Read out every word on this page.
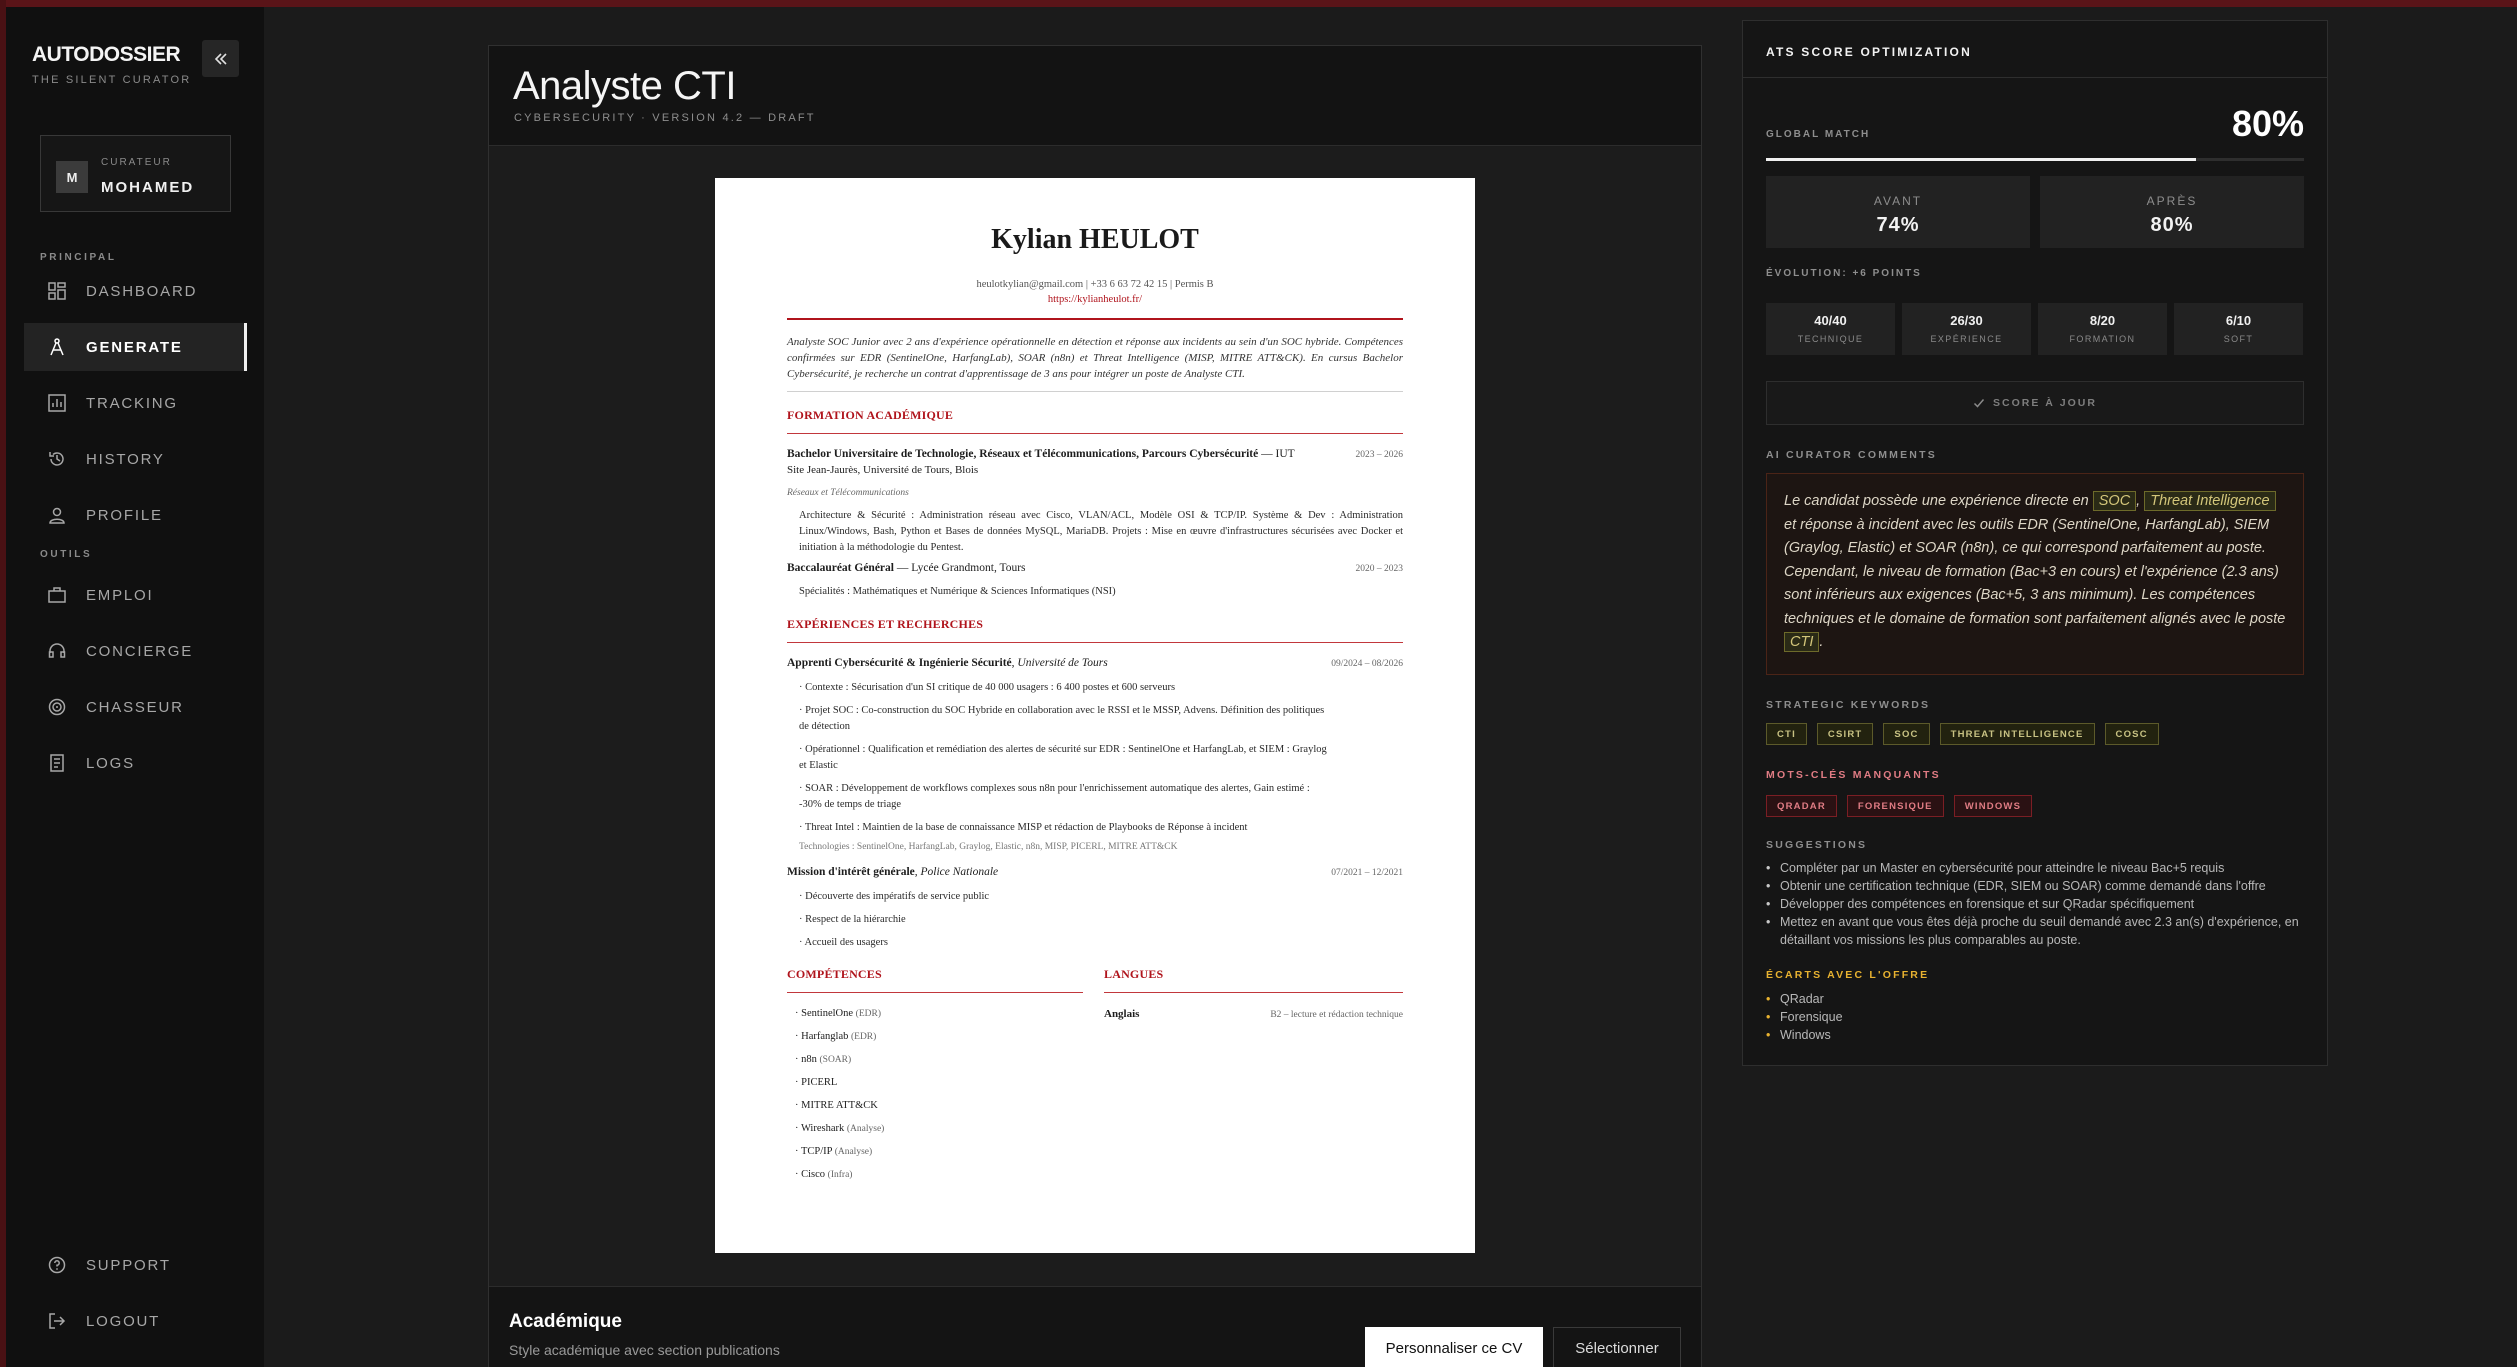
AUTODOSSIER
THE SILENT CURATOR
M
CURATEUR
MOHAMED
PRINCIPAL
DASHBOARD
GENERATE
TRACKING
HISTORY
PROFILE
OUTILS
EMPLOI
CONCIERGE
CHASSEUR
LOGS
SUPPORT
LOGOUT
Analyste CTI
CYBERSECURITY · VERSION 4.2 — DRAFT
Académique
Style académique avec section publications	Personnaliser ce CV	Sélectionner
Kylian HEULOT
heulotkylian@gmail.com | +33 6 63 72 42 15 | Permis B
https://kylianheulot.fr/
Analyste SOC Junior avec 2 ans d'expérience opérationnelle en détection et réponse aux incidents au sein d'un SOC hybride. Compétences confirmées sur EDR (SentinelOne, HarfangLab), SOAR (n8n) et Threat Intelligence (MISP, MITRE ATT&CK). En cursus Bachelor Cybersécurité, je recherche un contrat d'apprentissage de 3 ans pour intégrer un poste de Analyste CTI.
FORMATION ACADÉMIQUE
Bachelor Universitaire de Technologie, Réseaux et Télécommunications, Parcours Cybersécurité — IUT	2023 – 2026
Site Jean-Jaurès, Université de Tours, Blois
Réseaux et Télécommunications
Architecture & Sécurité : Administration réseau avec Cisco, VLAN/ACL, Modèle OSI & TCP/IP. Système & Dev : Administration Linux/Windows, Bash, Python et Bases de données MySQL, MariaDB. Projets : Mise en œuvre d'infrastructures sécurisées avec Docker et initiation à la méthodologie du Pentest.
Baccalauréat Général — Lycée Grandmont, Tours	2020 – 2023
Spécialités : Mathématiques et Numérique & Sciences Informatiques (NSI)
EXPÉRIENCES ET RECHERCHES
Apprenti Cybersécurité & Ingénierie Sécurité, Université de Tours	09/2024 – 08/2026
· Contexte : Sécurisation d'un SI critique de 40 000 usagers : 6 400 postes et 600 serveurs
· Projet SOC : Co-construction du SOC Hybride en collaboration avec le RSSI et le MSSP, Advens. Définition des politiques
de détection
· Opérationnel : Qualification et remédiation des alertes de sécurité sur EDR : SentinelOne et HarfangLab, et SIEM : Graylog
et Elastic
· SOAR : Développement de workflows complexes sous n8n pour l'enrichissement automatique des alertes, Gain estimé :
-30% de temps de triage
· Threat Intel : Maintien de la base de connaissance MISP et rédaction de Playbooks de Réponse à incident
Technologies : SentinelOne, HarfangLab, Graylog, Elastic, n8n, MISP, PICERL, MITRE ATT&CK
Mission d'intérêt générale, Police Nationale	07/2021 – 12/2021
· Découverte des impératifs de service public
· Respect de la hiérarchie
· Accueil des usagers
COMPÉTENCES	LANGUES
· SentinelOne (EDR)
· Harfanglab (EDR)
· n8n (SOAR)
· PICERL
· MITRE ATT&CK
· Wireshark (Analyse)
· TCP/IP (Analyse)
· Cisco (Infra)
Anglais	B2 – lecture et rédaction technique
ATS SCORE OPTIMIZATION
GLOBAL MATCH	80%
AVANT
74%
APRÈS
80%
ÉVOLUTION: +6 POINTS
40/40
TECHNIQUE
26/30
EXPÉRIENCE
8/20
FORMATION
6/10
SOFT
SCORE À JOUR
AI CURATOR COMMENTS
Le candidat possède une expérience directe en SOC , Threat Intelligence et réponse à incident avec les outils EDR (SentinelOne, HarfangLab), SIEM (Graylog, Elastic) et SOAR (n8n), ce qui correspond parfaitement au poste. Cependant, le niveau de formation (Bac+3 en cours) et l'expérience (2.3 ans) sont inférieurs aux exigences (Bac+5, 3 ans minimum). Les compétences techniques et le domaine de formation sont parfaitement alignés avec le poste CTI .
STRATEGIC KEYWORDS
CTI	CSIRT	SOC	THREAT INTELLIGENCE	COSC
MOTS-CLÉS MANQUANTS
QRADAR	FORENSIQUE	WINDOWS
SUGGESTIONS
• Compléter par un Master en cybersécurité pour atteindre le niveau Bac+5 requis
• Obtenir une certification technique (EDR, SIEM ou SOAR) comme demandé dans l'offre
• Développer des compétences en forensique et sur QRadar spécifiquement
• Mettez en avant que vous êtes déjà proche du seuil demandé avec 2.3 an(s) d'expérience, en détaillant vos missions les plus comparables au poste.
ÉCARTS AVEC L'OFFRE
• QRadar
• Forensique
• Windows
